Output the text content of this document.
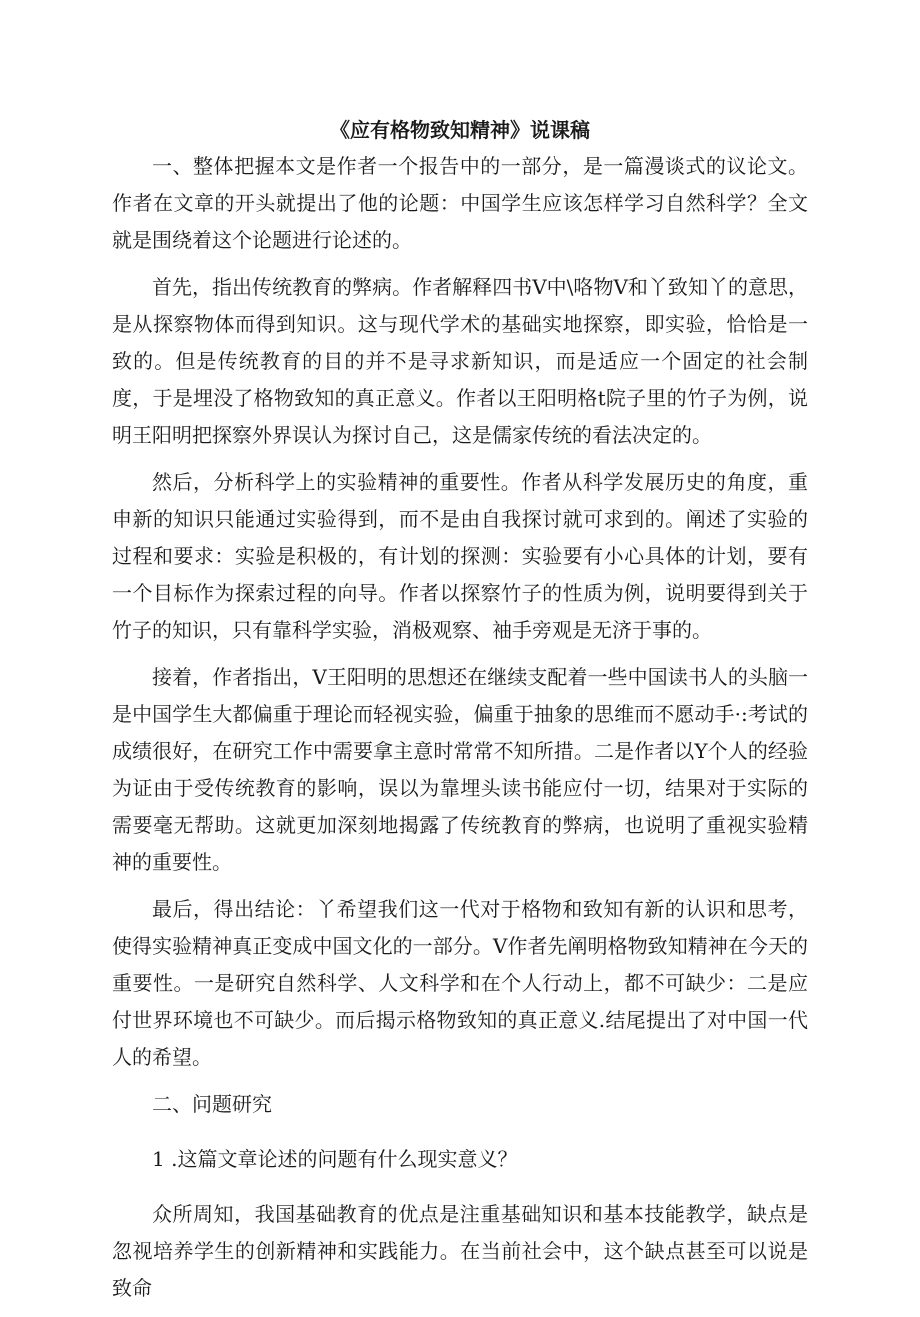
《应有格物致知精神》说课稿

一、整体把握本文是作者一个报告中的一部分，是一篇漫谈式的议论文。作者在文章的开头就提出了他的论题：中国学生应该怎样学习自然科学？全文就是围绕着这个论题进行论述的。

首先，指出传统教育的弊病。作者解释四书V中\咯物V和丫致知丫的意思，是从探察物体而得到知识。这与现代学术的基础实地探察，即实验，恰恰是一致的。但是传统教育的目的并不是寻求新知识，而是适应一个固定的社会制度，于是埋没了格物致知的真正意义。作者以王阳明格t院子里的竹子为例，说明王阳明把探察外界误认为探讨自己，这是儒家传统的看法决定的。

然后，分析科学上的实验精神的重要性。作者从科学发展历史的角度，重申新的知识只能通过实验得到，而不是由自我探讨就可求到的。阐述了实验的过程和要求：实验是积极的，有计划的探测：实验要有小心具体的计划，要有一个目标作为探索过程的向导。作者以探察竹子的性质为例，说明要得到关于竹子的知识，只有靠科学实验，消极观察、袖手旁观是无济于事的。

接着，作者指出，V王阳明的思想还在继续支配着一些中国读书人的头脑一是中国学生大都偏重于理论而轻视实验，偏重于抽象的思维而不愿动手·:考试的成绩很好，在研究工作中需要拿主意时常常不知所措。二是作者以Y个人的经验为证由于受传统教育的影响，误以为靠埋头读书能应付一切，结果对于实际的需要毫无帮助。这就更加深刻地揭露了传统教育的弊病，也说明了重视实验精神的重要性。

最后，得出结论：丫希望我们这一代对于格物和致知有新的认识和思考，使得实验精神真正变成中国文化的一部分。V作者先阐明格物致知精神在今天的重要性。一是研究自然科学、人文科学和在个人行动上，都不可缺少：二是应付世界环境也不可缺少。而后揭示格物致知的真正意义.结尾提出了对中国一代人的希望。

二、问题研究

1 .这篇文章论述的问题有什么现实意义？

众所周知，我国基础教育的优点是注重基础知识和基本技能教学，缺点是忽视培养学生的创新精神和实践能力。在当前社会中，这个缺点甚至可以说是致命
